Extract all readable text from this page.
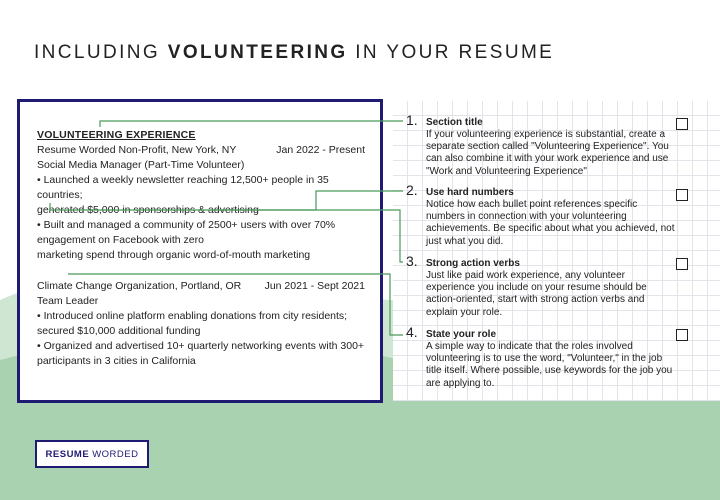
INCLUDING VOLUNTEERING IN YOUR RESUME
VOLUNTEERING EXPERIENCE
Resume Worded Non-Profit, New York, NY	Jan 2022 - Present
Social Media Manager (Part-Time Volunteer)
• Launched a weekly newsletter reaching 12,500+ people in 35 countries;
generated $5,000 in sponsorships & advertising
• Built and managed a community of 2500+ users with over 70%
engagement on Facebook with zero
marketing spend through organic word-of-mouth marketing
Climate Change Organization, Portland, OR Jun 2021 - Sept 2021
Team Leader
• Introduced online platform enabling donations from city residents;
secured $10,000 additional funding
• Organized and advertised 10+ quarterly networking events with 300+
participants in 3 cities in California
1. Section title
If your volunteering experience is substantial, create a separate section called "Volunteering Experience". You can also combine it with your work experience and use "Work and Volunteering Experience"
2. Use hard numbers
Notice how each bullet point references specific numbers in connection with your volunteering achievements. Be specific about what you achieved, not just what you did.
3. Strong action verbs
Just like paid work experience, any volunteer experience you include on your resume should be action-oriented, start with strong action verbs and explain your role.
4. State your role
A simple way to indicate that the roles involved volunteering is to use the word, "Volunteer," in the job title itself. Where possible, use keywords for the job you are applying to.
RESUME WORDED
